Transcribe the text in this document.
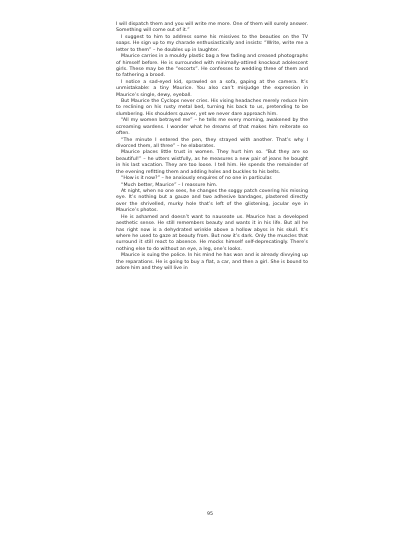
I will dispatch them and you will write me more. One of them will surely answer. Something will come out of it.”

I suggest to him to address some his missives to the beauties on the TV soaps. He sign up to my charade enthusiastically and insists: “Write, write me a letter to them” – he doubles up in laughter.

Maurice carries in a mouldy plastic bag a few fading and creased photographs of himself before. He is surrounded with minimally-attired knockout adolescent girls. These may be the “escorts”. He confesses to wedding three of them and to fathering a brood.

I notice a sad-eyed kid, sprawled on a sofa, gaping at the camera. It’s unmistakable: a tiny Maurice. You also can’t misjudge the expression in Maurice’s single, dewy, eyeball.

But Maurice the Cyclops never cries. His vising headaches merely reduce him to reclining on his rusty metal bed, turning his back to us, pretending to be slumbering. His shoulders quaver, yet we never dare approach him.

“All my women betrayed me” – he tells me every morning, awakened by the screaming wardens. I wonder what he dreams of that makes him reiterate so often.

“The minute I entered the pen, they strayed with another. That’s why I divorced them, all three” – he elaborates.

Maurice places little trust in women. They hurt him so. “But they are so beautiful!” – he utters wistfully, as he measures a new pair of jeans he bought in his last vacation. They are too loose. I tell him. He spends the remainder of the evening refitting them and adding holes and buckles to his belts.

“How is it now?” – he anxiously enquires of no one in particular.

“Much better, Maurice” – I reassure him.

At night, when no one sees, he changes the soggy patch covering his missing eye. It’s nothing but a gauze and two adhesive bandages, plastered directly over the shrivelled, murky hole that’s left of the glistening, jocular eye in Maurice’s photos.

He is ashamed and doesn’t want to nauseate us. Maurice has a developed aesthetic sense. He still remembers beauty and wants it in his life. But all he has right now is a dehydrated wrinkle above a hollow abyss in his skull. It’s where he used to gaze at beauty from. But now it’s dark. Only the muscles that surround it still react to absence. He mocks himself self-deprecatingly. There’s nothing else to do without an eye, a leg, one’s looks.

Maurice is suing the police. In his mind he has won and is already divvying up the reparations. He is going to buy a flat, a car, and then a girl. She is bound to adore him and they will live in

95
